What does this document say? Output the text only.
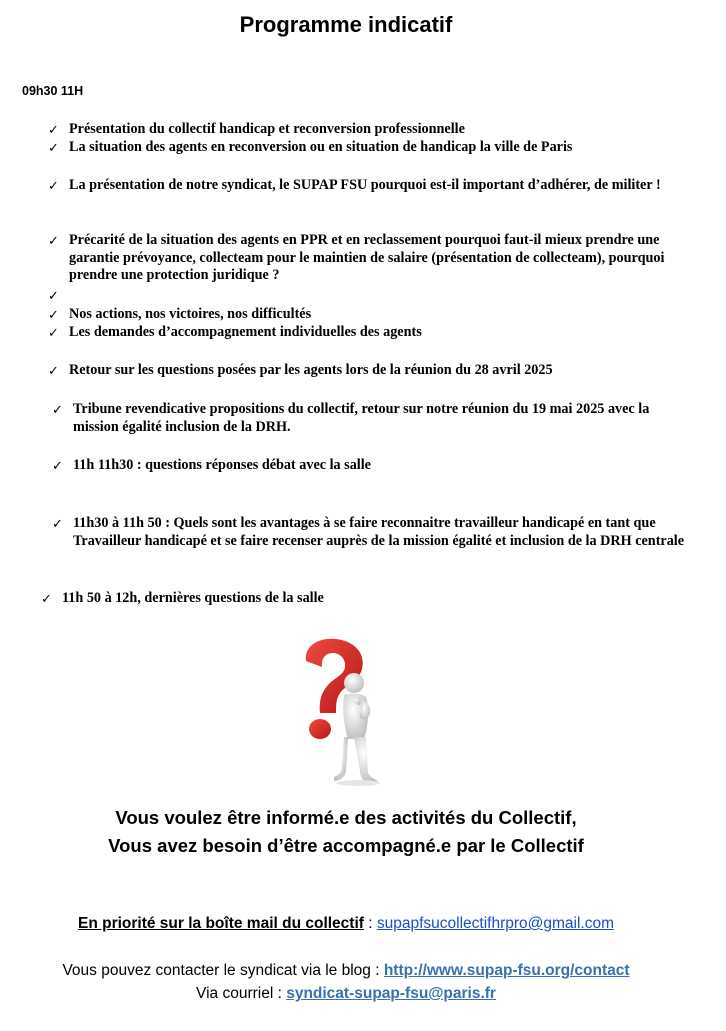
Programme indicatif
09h30 11H
✓ Présentation du collectif handicap et reconversion professionnelle
✓ La situation des agents en reconversion ou en situation de handicap la ville de Paris
✓ La présentation de notre syndicat, le SUPAP FSU pourquoi est-il important d’adhérer, de militer !
✓ Précarité de la situation des agents en PPR et en reclassement pourquoi faut-il mieux prendre une garantie prévoyance, collecteam pour le maintien de salaire (présentation de collecteam), pourquoi prendre une protection juridique ?
✓
✓ Nos actions, nos victoires, nos difficultés
✓ Les demandes d’accompagnement individuelles des agents
✓ Retour sur les questions posées par les agents lors de la réunion du 28 avril 2025
✓ Tribune revendicative propositions du collectif, retour sur notre réunion du 19 mai 2025 avec la mission égalité inclusion de la DRH.
✓ 11h 11h30 : questions réponses débat avec la salle
✓ 11h30 à 11h 50 : Quels sont les avantages à se faire reconnaitre travailleur handicapé en tant que Travailleur handicapé et se faire recenser auprès de la mission égalité et inclusion de la DRH centrale
✓ 11h 50 à 12h, dernières questions de la salle
Vous voulez être informé.e des activités du Collectif,
Vous avez besoin d’être accompagné.e par le Collectif
En priorité sur la boîte mail du collectif : supapfsucollectifhrpro@gmail.com
Vous pouvez contacter le syndicat via le blog : http://www.supap-fsu.org/contact
Via courriel : syndicat-supap-fsu@paris.fr
